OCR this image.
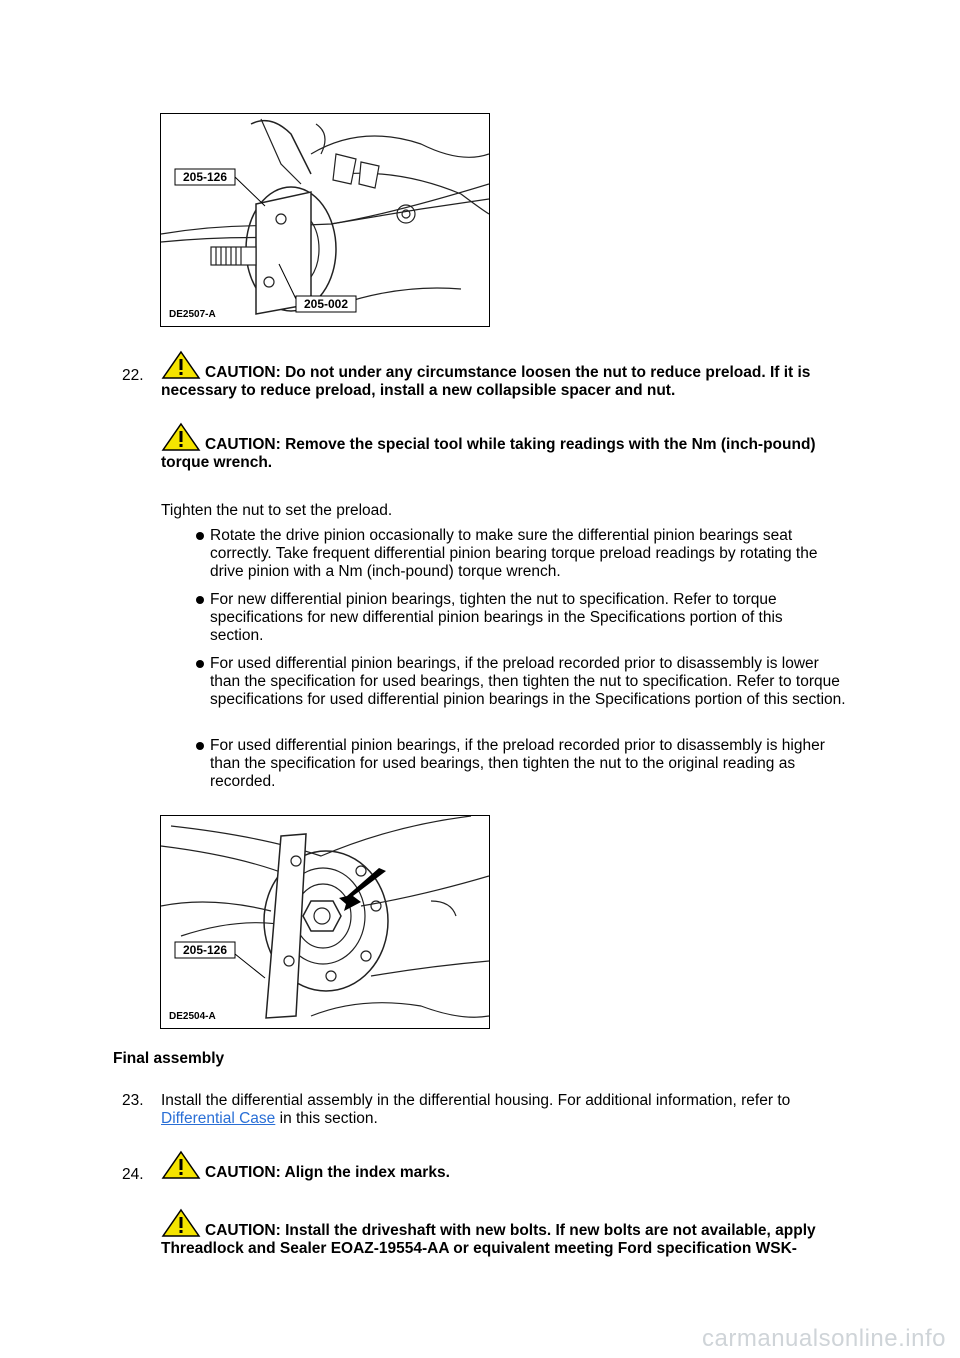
205-126
205-002
DE2507-A
22.	CAUTION: Do not under any circumstance loosen the nut to reduce preload. If it is necessary to reduce preload, install a new collapsible spacer and nut.
CAUTION: Remove the special tool while taking readings with the Nm (inch-pound) torque wrench.
Tighten the nut to set the preload.
Rotate the drive pinion occasionally to make sure the differential pinion bearings seat correctly. Take frequent differential pinion bearing torque preload readings by rotating the drive pinion with a Nm (inch-pound) torque wrench.
For new differential pinion bearings, tighten the nut to specification. Refer to torque specifications for new differential pinion bearings in the Specifications portion of this section.
For used differential pinion bearings, if the preload recorded prior to disassembly is lower than the specification for used bearings, then tighten the nut to specification. Refer to torque specifications for used differential pinion bearings in the Specifications portion of this section.
For used differential pinion bearings, if the preload recorded prior to disassembly is higher than the specification for used bearings, then tighten the nut to the original reading as recorded.
205-126
DE2504-A
Final assembly
23. Install the differential assembly in the differential housing. For additional information, refer to Differential Case in this section.
24.	CAUTION: Align the index marks.
CAUTION: Install the driveshaft with new bolts. If new bolts are not available, apply Threadlock and Sealer EOAZ-19554-AA or equivalent meeting Ford specification WSK-
carmanualsonline.info
